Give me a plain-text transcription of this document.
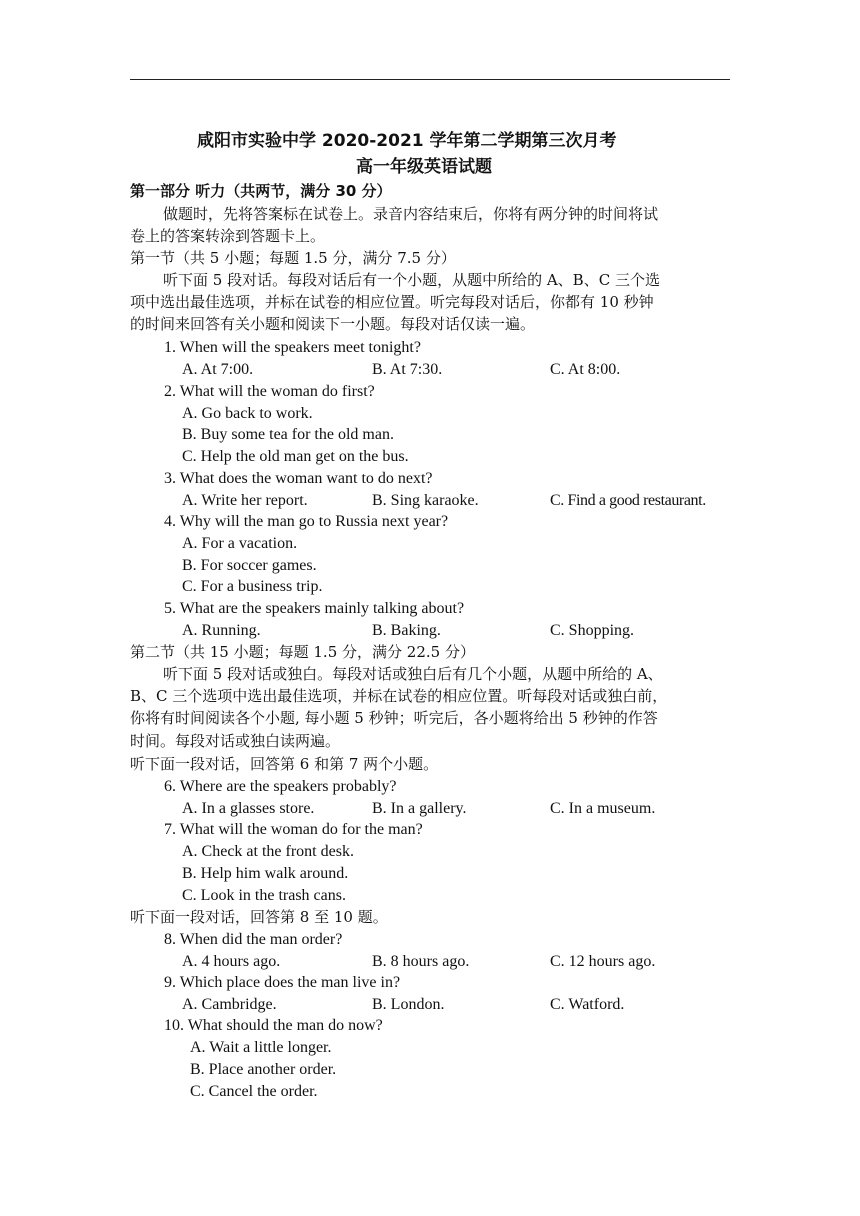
咸阳市实验中学 2020-2021 学年第二学期第三次月考
高一年级英语试题
第一部分 听力（共两节，满分 30 分）
做题时，先将答案标在试卷上。录音内容结束后，你将有两分钟的时间将试
卷上的答案转涂到答题卡上。
第一节（共 5 小题；每题 1.5 分，满分 7.5 分）
听下面 5 段对话。每段对话后有一个小题，从题中所给的 A、B、C 三个选
项中选出最佳选项，并标在试卷的相应位置。听完每段对话后，你都有 10 秒钟
的时间来回答有关小题和阅读下一小题。每段对话仅读一遍。
1. When will the speakers meet tonight?
A. At 7:00.	B. At 7:30.	C. At 8:00.
2. What will the woman do first?
A. Go back to work.
B. Buy some tea for the old man.
C. Help the old man get on the bus.
3. What does the woman want to do next?
A. Write her report.	B. Sing karaoke.	C. Find a good restaurant.
4. Why will the man go to Russia next year?
A. For a vacation.
B. For soccer games.
C. For a business trip.
5. What are the speakers mainly talking about?
A. Running.	B. Baking.	C. Shopping.
第二节（共 15 小题；每题 1.5 分，满分 22.5 分）
听下面 5 段对话或独白。每段对话或独白后有几个小题，从题中所给的 A、
B、C 三个选项中选出最佳选项，并标在试卷的相应位置。听每段对话或独白前，
你将有时间阅读各个小题, 每小题 5 秒钟；听完后，各小题将给出 5 秒钟的作答
时间。每段对话或独白读两遍。
听下面一段对话，回答第 6 和第 7 两个小题。
6. Where are the speakers probably?
A. In a glasses store.	B. In a gallery.	C. In a museum.
7. What will the woman do for the man?
A. Check at the front desk.
B. Help him walk around.
C. Look in the trash cans.
听下面一段对话，回答第 8 至 10 题。
8. When did the man order?
A. 4 hours ago.	B. 8 hours ago.	C. 12 hours ago.
9. Which place does the man live in?
A. Cambridge.	B. London.	C. Watford.
10. What should the man do now?
A. Wait a little longer.
B. Place another order.
C. Cancel the order.
